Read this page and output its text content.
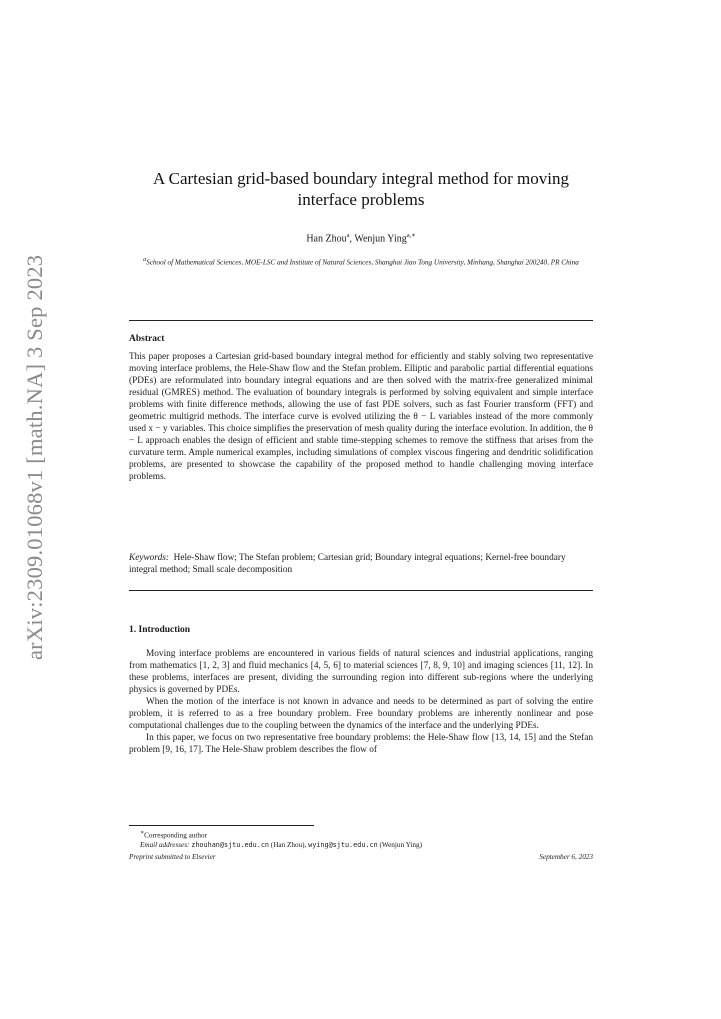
arXiv:2309.01068v1 [math.NA] 3 Sep 2023
A Cartesian grid-based boundary integral method for moving interface problems
Han Zhou$^a$, Wenjun Ying$^{a,∗}$
$^a$School of Mathematical Sciences, MOE-LSC and Institute of Natural Sciences, Shanghai Jiao Tong University, Minhang, Shanghai 200240, PR China
Abstract

This paper proposes a Cartesian grid-based boundary integral method for efficiently and stably solving two representative moving interface problems, the Hele-Shaw flow and the Stefan problem. Elliptic and parabolic partial differential equations (PDEs) are reformulated into boundary integral equations and are then solved with the matrix-free generalized minimal residual (GMRES) method. The evaluation of boundary integrals is performed by solving equivalent and simple interface problems with finite difference methods, allowing the use of fast PDE solvers, such as fast Fourier transform (FFT) and geometric multigrid methods. The interface curve is evolved utilizing the θ − L variables instead of the more commonly used x − y variables. This choice simplifies the preservation of mesh quality during the interface evolution. In addition, the θ − L approach enables the design of efficient and stable time-stepping schemes to remove the stiffness that arises from the curvature term. Ample numerical examples, including simulations of complex viscous fingering and dendritic solidification problems, are presented to showcase the capability of the proposed method to handle challenging moving interface problems.

Keywords: Hele-Shaw flow; The Stefan problem; Cartesian grid; Boundary integral equations; Kernel-free boundary integral method; Small scale decomposition

1. Introduction

Moving interface problems are encountered in various fields of natural sciences and industrial applications, ranging from mathematics [1, 2, 3] and fluid mechanics [4, 5, 6] to material sciences [7, 8, 9, 10] and imaging sciences [11, 12]. In these problems, interfaces are present, dividing the surrounding region into different sub-regions where the underlying physics is governed by PDEs.

When the motion of the interface is not known in advance and needs to be determined as part of solving the entire problem, it is referred to as a free boundary problem. Free boundary problems are inherently nonlinear and pose computational challenges due to the coupling between the dynamics of the interface and the underlying PDEs.

In this paper, we focus on two representative free boundary problems: the Hele-Shaw flow [13, 14, 15] and the Stefan problem [9, 16, 17]. The Hele-Shaw problem describes the flow of

∗Corresponding author
Email addresses: zhouhan@sjtu.edu.cn (Han Zhou), wying@sjtu.edu.cn (Wenjun Ying)
Preprint submitted to Elsevier	September 6, 2023
